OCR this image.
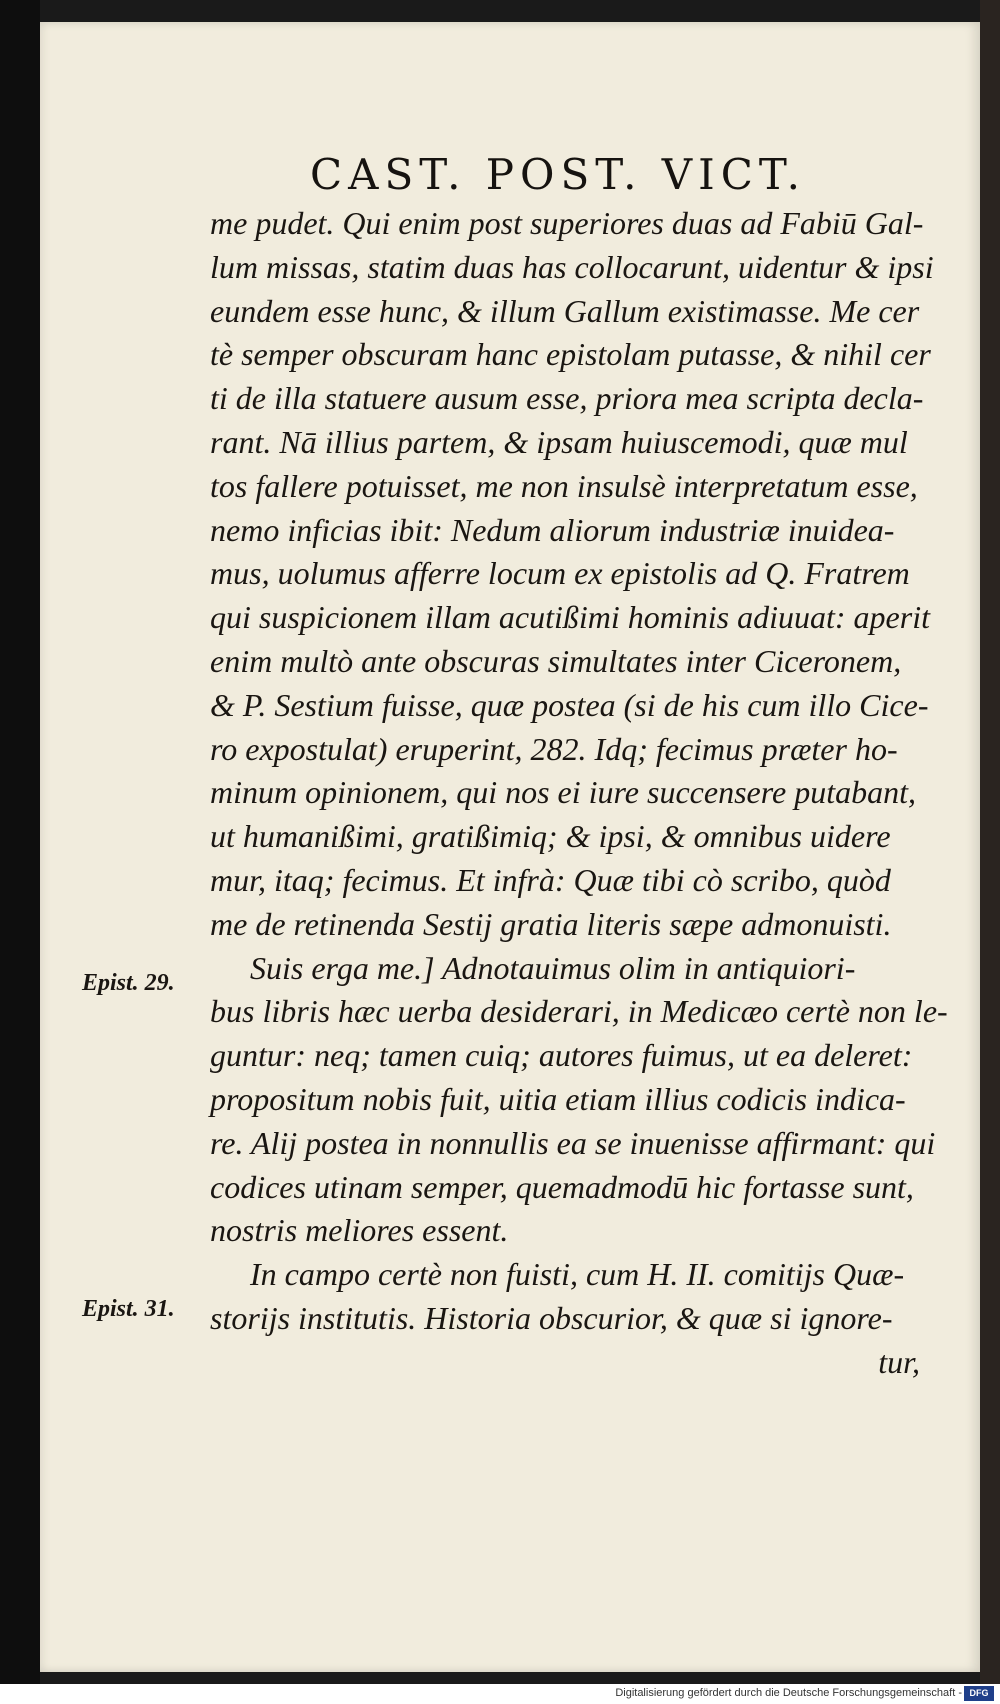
CAST. POST. VICT.
me pudet. Qui enim post superiores duas ad Fabiū Gal-
lum missas, statim duas has collocarunt, uidentur & ipsi
eundem esse hunc, & illum Gallum existimasse. Me cer
tè semper obscuram hanc epistolam putasse, & nihil cer
ti de illa statuere ausum esse, priora mea scripta decla-
rant. Nā illius partem, & ipsam huiuscemodi, quæ mul
tos fallere potuisset, me non insulsè interpretatum esse,
nemo inficias ibit: Nedum aliorum industriæ inuidea-
mus, uolumus afferre locum ex epistolis ad Q. Fratrem
qui suspicionem illam acutißimi hominis adiuuat: aperit
enim multò ante obscuras simultates inter Ciceronem,
& P. Sestium fuisse, quæ postea (si de his cum illo Cice-
ro expostulat) eruperint, 282. Idq; fecimus præter ho-
minum opinionem, qui nos ei iure succensere putabant,
ut humanißimi, gratißimiq; & ipsi, & omnibus uidere
mur, itaq; fecimus. Et infrà: Quæ tibi cò scribo, quòd
me de retinenda Sestij gratia literis sæpe admonuisti.
Suis erga me.] Adnotauimus olim in antiquiori-
bus libris hæc uerba desiderari, in Medicæo certè non le-
guntur: neq; tamen cuiq; autores fuimus, ut ea deleret:
propositum nobis fuit, uitia etiam illius codicis indica-
re. Alij postea in nonnullis ea se inuenisse affirmant: qui
codices utinam semper, quemadmodū hic fortasse sunt,
nostris meliores essent.
In campo certè non fuisti, cum H. II. comitijs Quæ-
storijs institutis. Historia obscurior, & quæ si ignore-
tur,
Epist. 29.
Epist. 31.
Digitalisierung gefördert durch die Deutsche Forschungsgemeinschaft - DFG
